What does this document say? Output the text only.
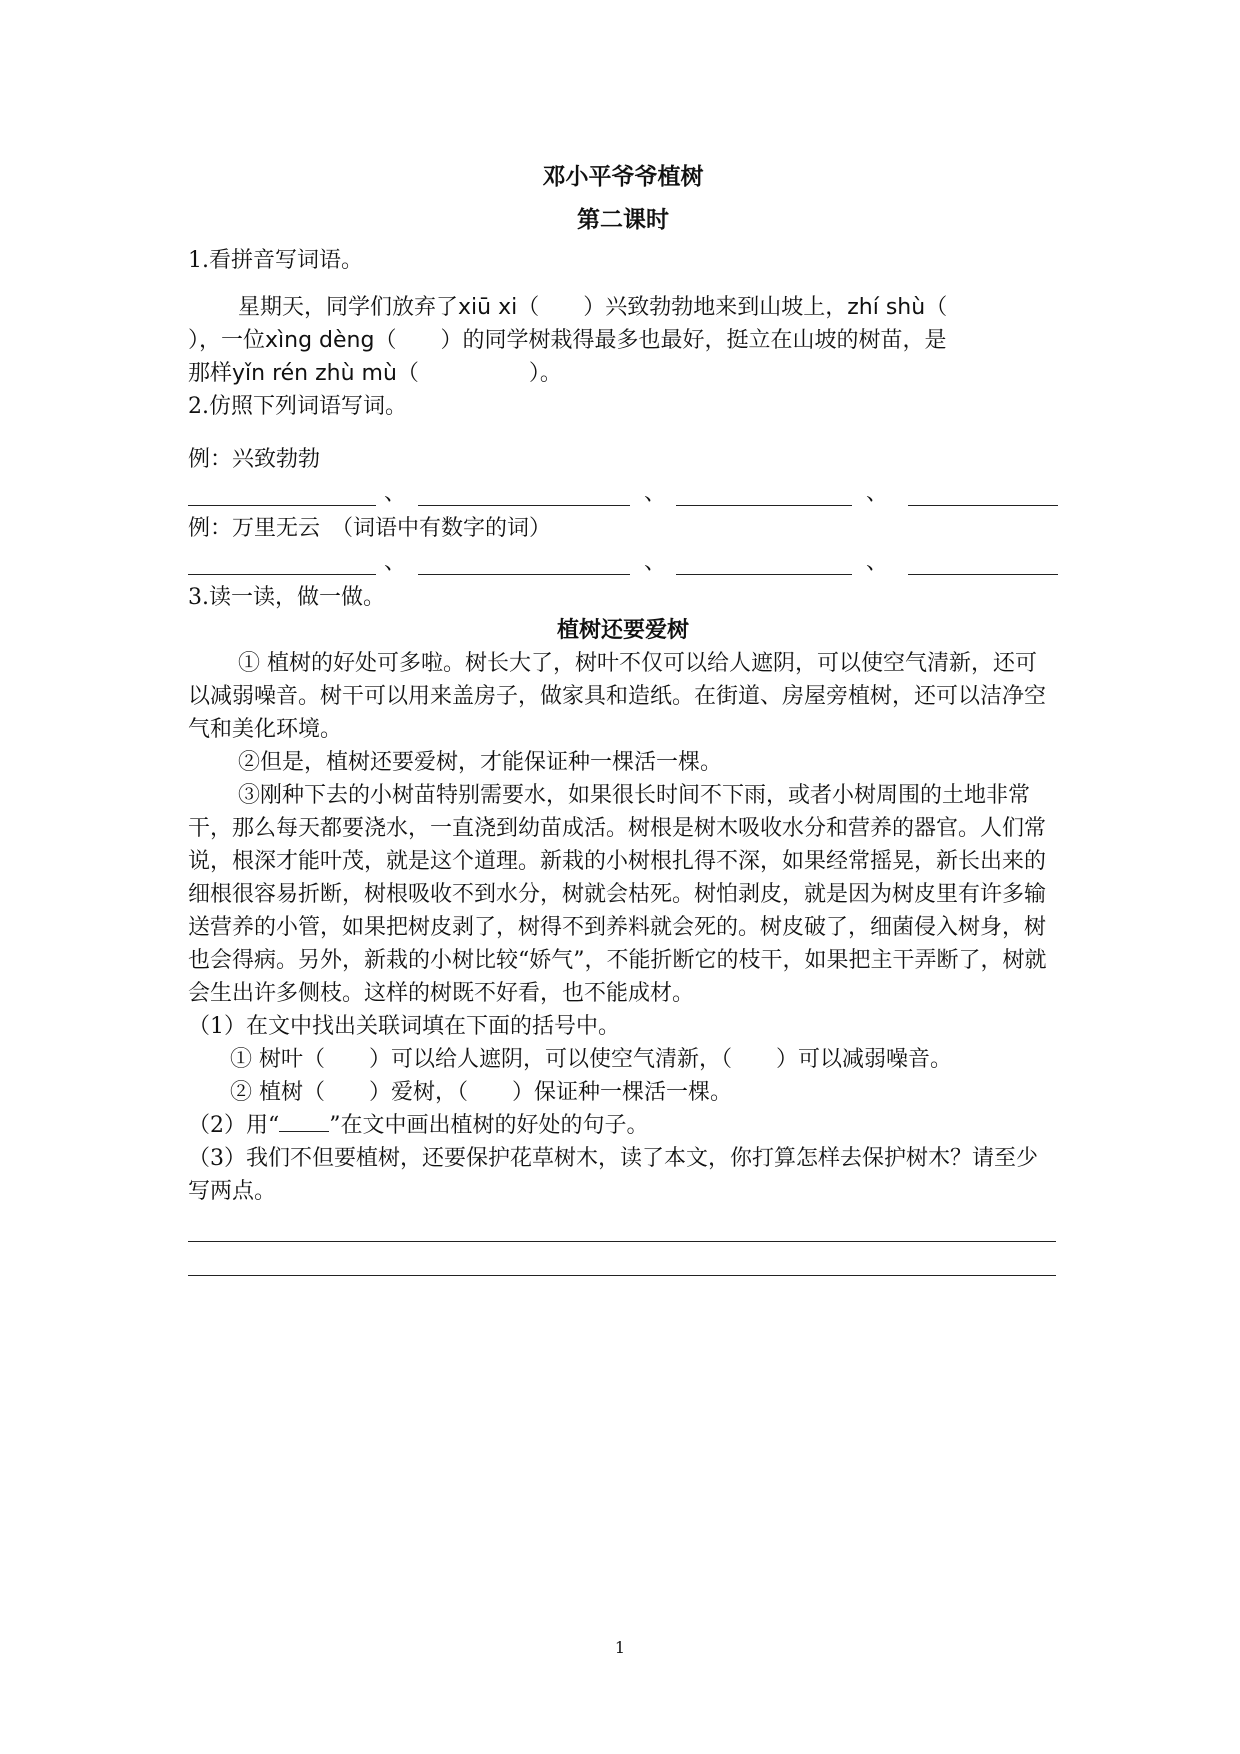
邓小平爷爷植树

第二课时

1.看拼音写词语。

星期天，同学们放弃了xiū xi（　　）兴致勃勃地来到山坡上，zhí shù（

），一位xìng dèng（　　）的同学树栽得最多也最好，挺立在山坡的树苗，是

那样yǐn rén zhù mù（　　　　　）。

2.仿照下列词语写词。

例：兴致勃勃

、	、	、

例：万里无云　（词语中有数字的词）

、	、	、

3.读一读，做一做。

植树还要爱树

① 植树的好处可多啦。树长大了，树叶不仅可以给人遮阴，可以使空气清新，还可以减弱噪音。树干可以用来盖房子，做家具和造纸。在街道、房屋旁植树，还可以洁净空气和美化环境。

②但是，植树还要爱树，才能保证种一棵活一棵。

③刚种下去的小树苗特别需要水，如果很长时间不下雨，或者小树周围的土地非常干，那么每天都要浇水，一直浇到幼苗成活。树根是树木吸收水分和营养的器官。人们常说，根深才能叶茂，就是这个道理。新栽的小树根扎得不深，如果经常摇晃，新长出来的细根很容易折断，树根吸收不到水分，树就会枯死。树怕剥皮，就是因为树皮里有许多输送营养的小管，如果把树皮剥了，树得不到养料就会死的。树皮破了，细菌侵入树身，树也会得病。另外，新栽的小树比较“娇气”，不能折断它的枝干，如果把主干弄断了，树就会生出许多侧枝。这样的树既不好看，也不能成材。

（1）在文中找出关联词填在下面的括号中。

① 树叶（　　）可以给人遮阴，可以使空气清新，（　　）可以减弱噪音。

② 植树（　　）爱树，（　　）保证种一棵活一棵。

（2）用“ ”在文中画出植树的好处的句子。

（3）我们不但要植树，还要保护花草树木，读了本文，你打算怎样去保护树木？请至少写两点。

1
